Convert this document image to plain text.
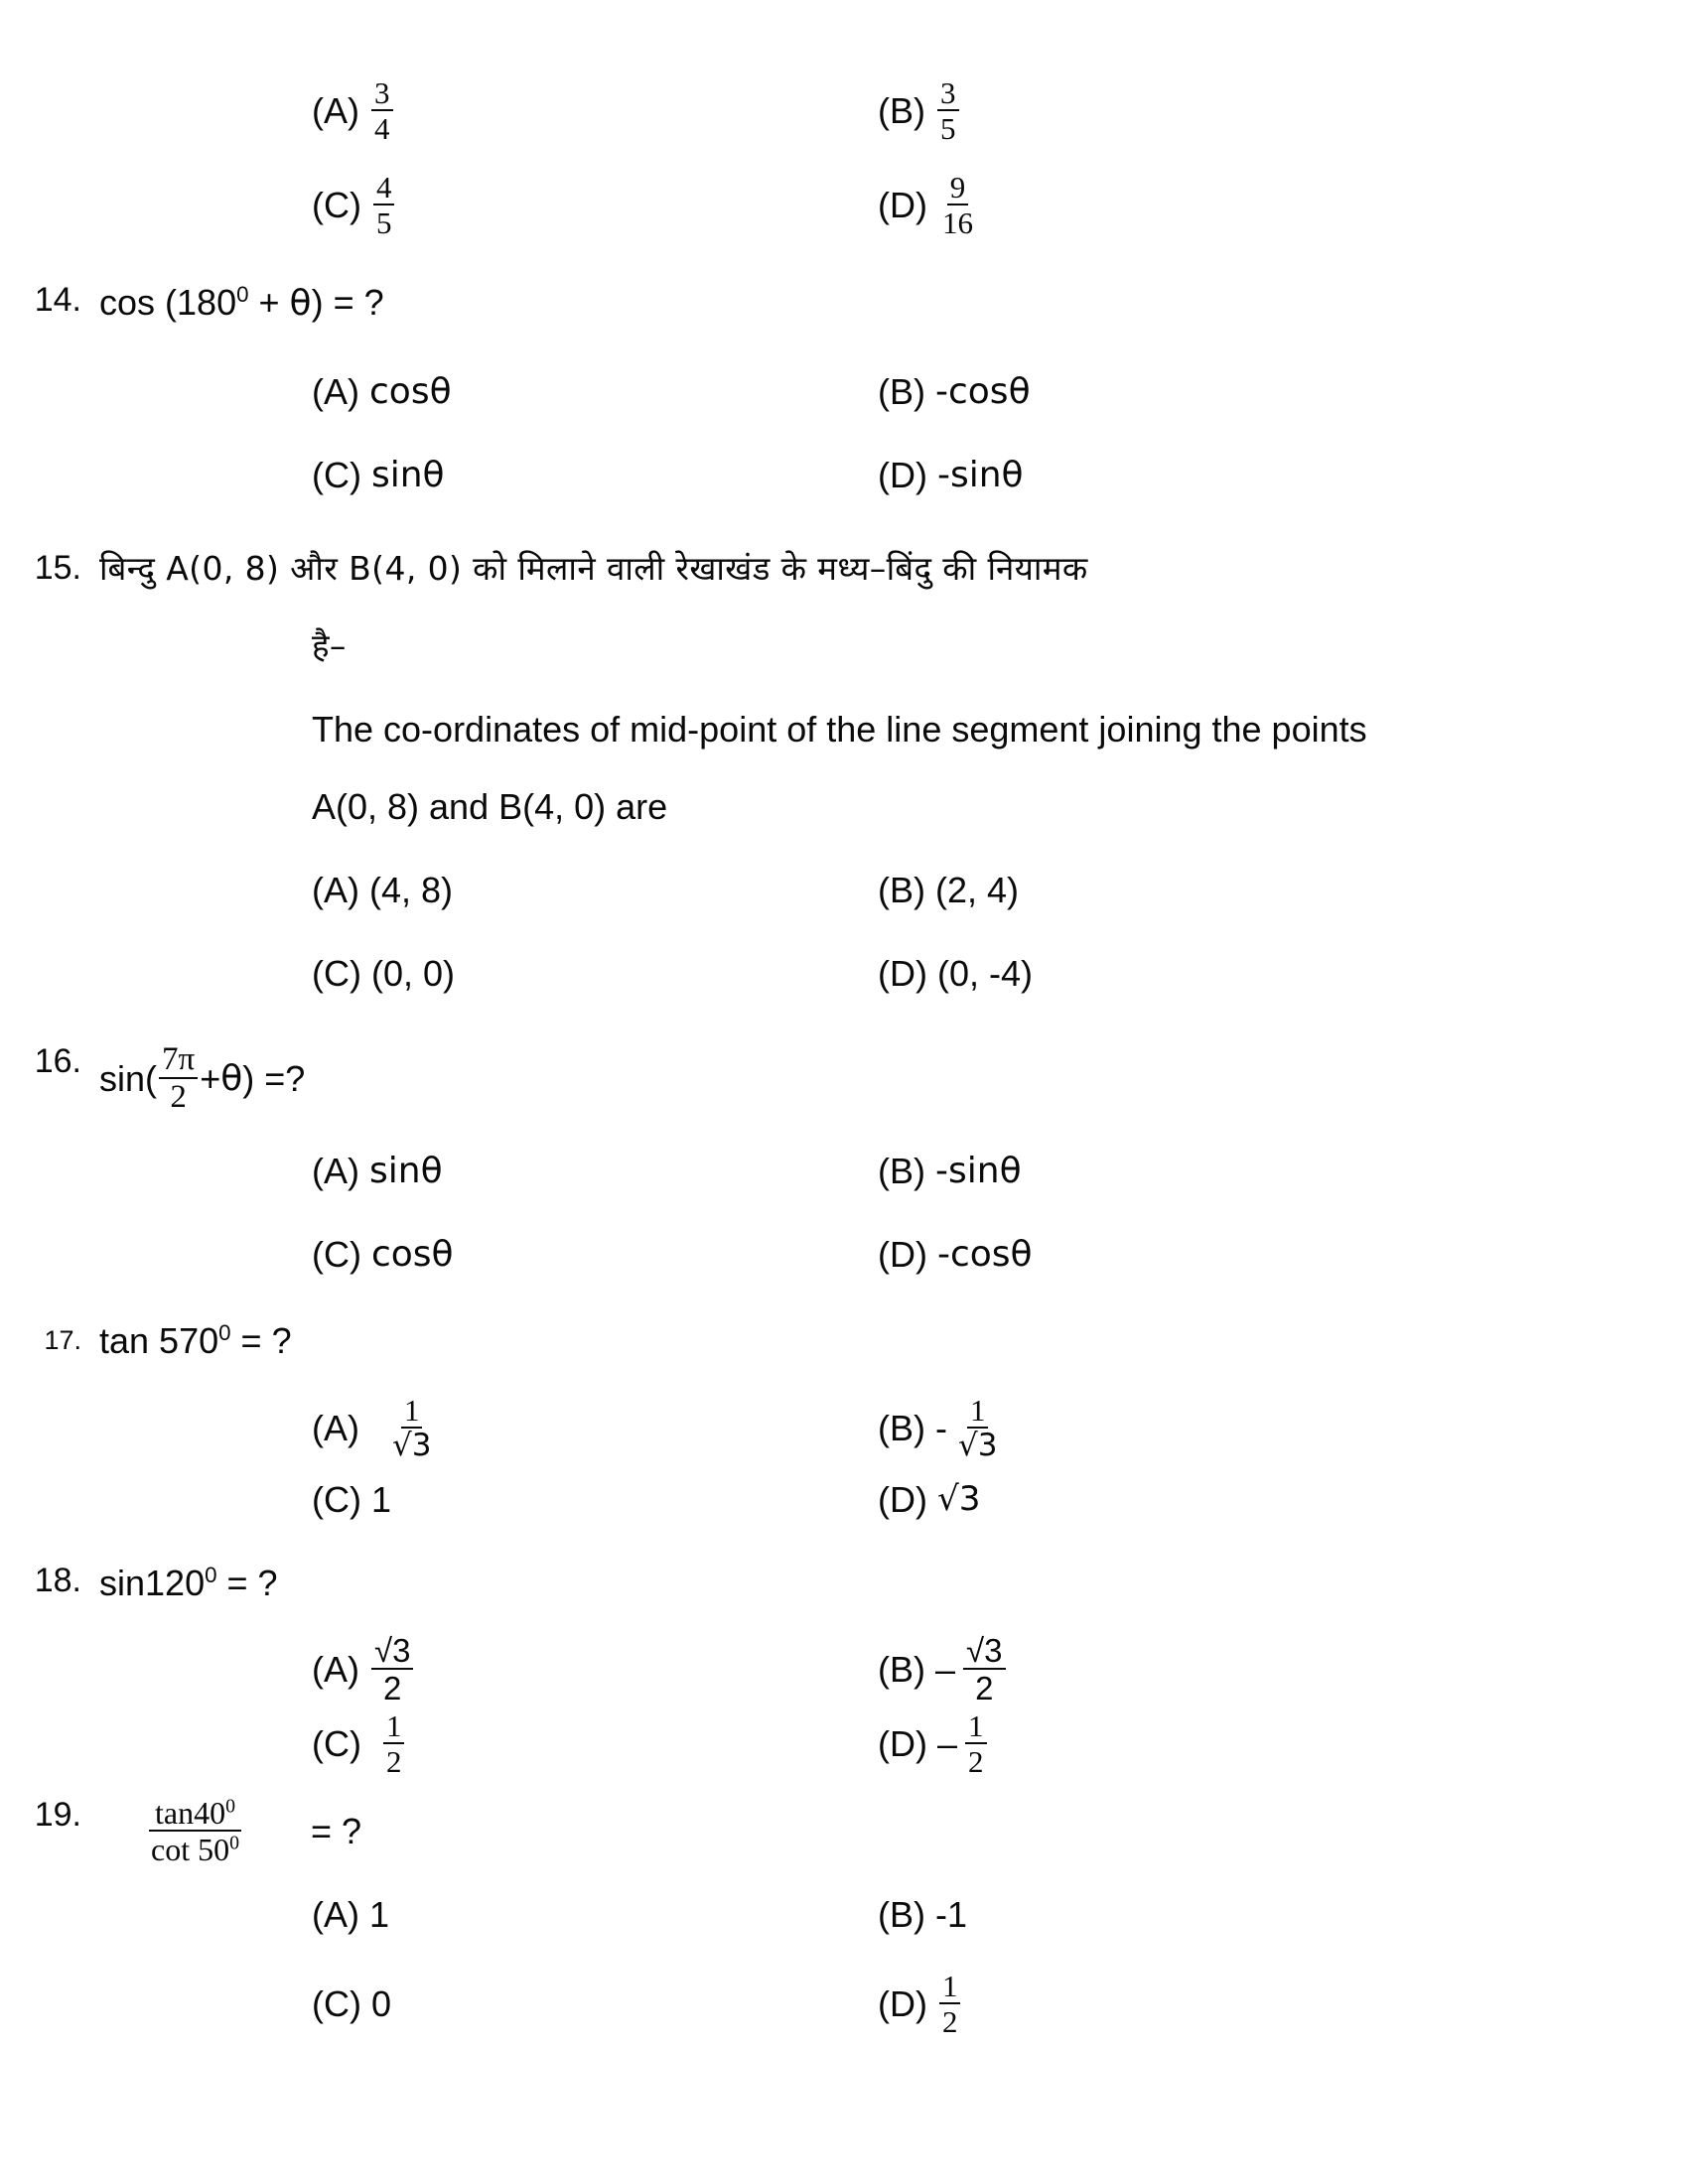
$(A) \frac{3}{4}$	$(B) \frac{3}{5}$
$(C) \frac{4}{5}$	$(D) \frac{9}{16}$
14. $\cos (180^0 + \theta)$ = ?
(A) cosθ	(B) -cosθ
(C) sinθ	(D) -sinθ
15. बिन्दु A(0, 8) और B(4, 0) को मिलाने वाली रेखाखंड के मध्य–बिंदु की नियामक
है–
The co-ordinates of mid-point of the line segment joining the points
A(0, 8) and B(4, 0) are
(A) (4, 8)	(B) (2, 4)
(C) (0, 0)	(D) (0, -4)
16. $\sin( \frac{7\pi}{2} + \theta$ ) =?
(A) sinθ	(B) -sinθ
(C) cosθ	(D) -cosθ
17. $\tan 570^0$ = ?
$(A) \frac{1}{√3}$	$(B) - \frac{1}{√3}$
(C) 1	(D) √3
18. $\sin 120^0$ = ?
$(A) \frac{√3}{2}$	$(B) - \frac{√3}{2}$
$(C) \frac{1}{2}$	$(D) - \frac{1}{2}$
19.	$\frac{\tan 40^0}{\cot 50^0}$ = ?
(A) 1	(B) -1
(C) 0	$(D) \frac{1}{2}$
